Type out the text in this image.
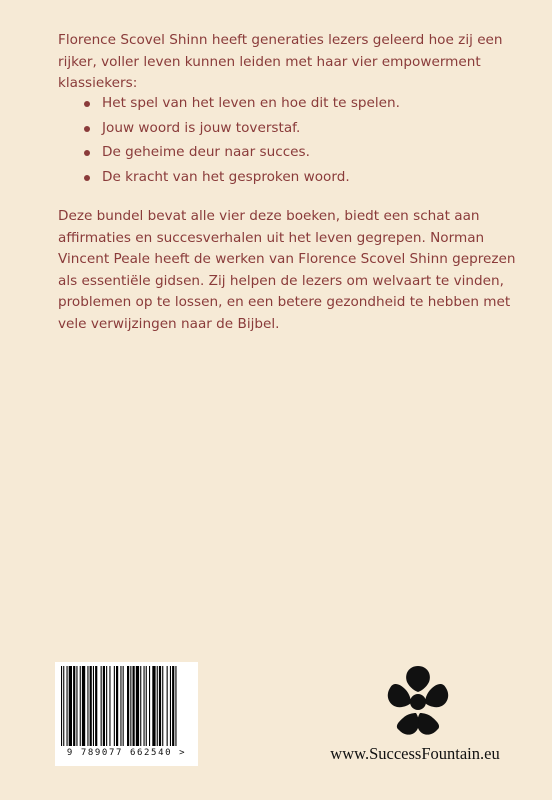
Florence Scovel Shinn heeft generaties lezers geleerd hoe zij een rijker, voller leven kunnen leiden met haar vier empowerment klassiekers:
Het spel van het leven en hoe dit te spelen.
Jouw woord is jouw toverstaf.
De geheime deur naar succes.
De kracht van het gesproken woord.
Deze bundel bevat alle vier deze boeken, biedt een schat aan affirmaties en succesverhalen uit het leven gegrepen. Norman Vincent Peale heeft de werken van Florence Scovel Shinn geprezen als essentiële gidsen. Zij helpen de lezers om welvaart te vinden, problemen op te lossen, en een betere gezondheid te hebben met vele verwijzingen naar de Bijbel.
9 789077 662540 >	www.SuccessFountain.eu
